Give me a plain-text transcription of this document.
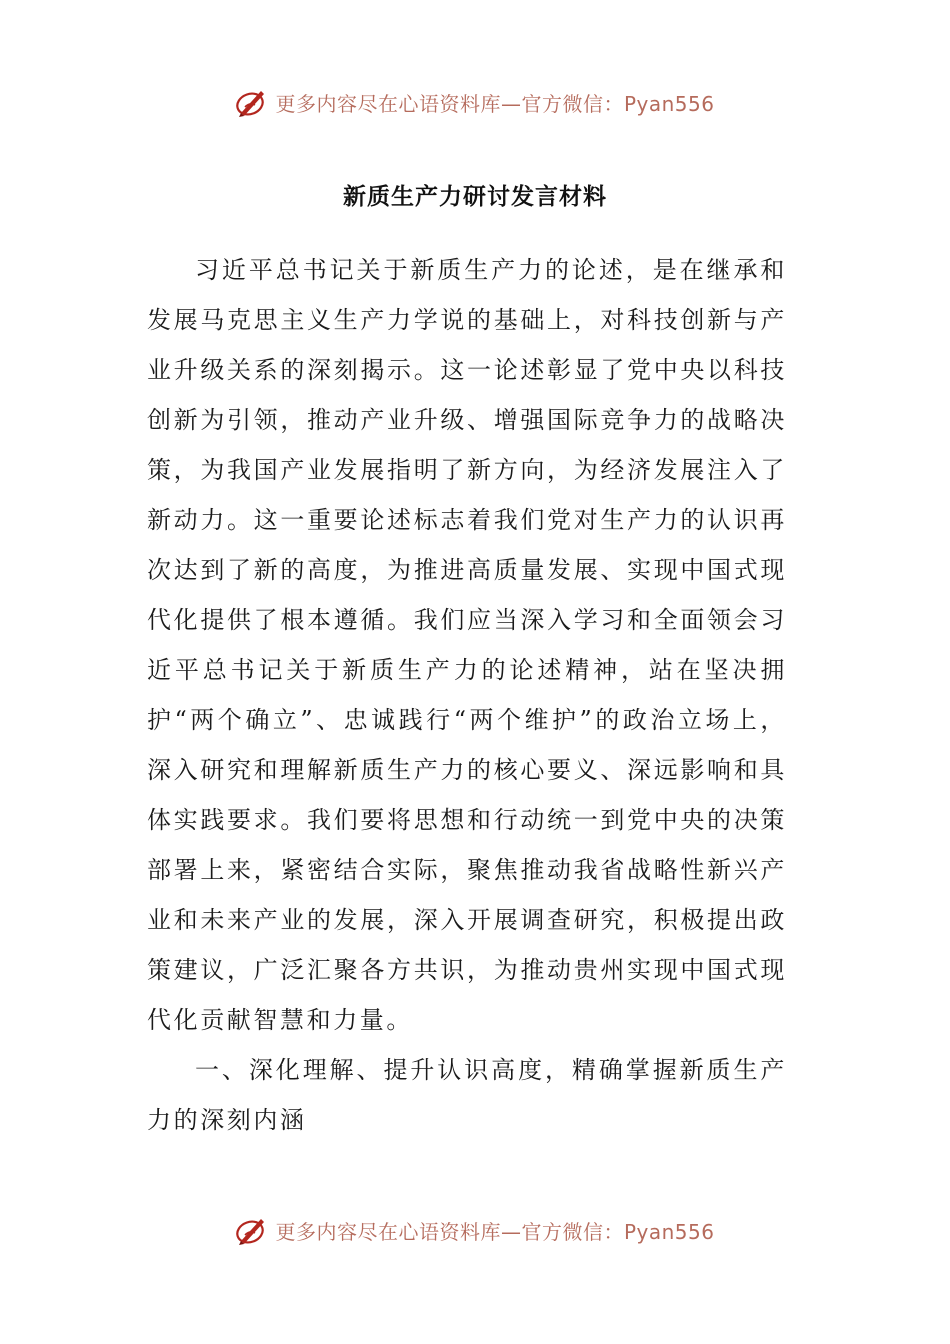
更多内容尽在心语资料库—官方微信：Pyan556
新质生产力研讨发言材料

习近平总书记关于新质生产力的论述，是在继承和发展马克思主义生产力学说的基础上，对科技创新与产业升级关系的深刻揭示。这一论述彰显了党中央以科技创新为引领，推动产业升级、增强国际竞争力的战略决策，为我国产业发展指明了新方向，为经济发展注入了新动力。这一重要论述标志着我们党对生产力的认识再次达到了新的高度，为推进高质量发展、实现中国式现代化提供了根本遵循。我们应当深入学习和全面领会习近平总书记关于新质生产力的论述精神，站在坚决拥护“两个确立”、忠诚践行“两个维护”的政治立场上，深入研究和理解新质生产力的核心要义、深远影响和具体实践要求。我们要将思想和行动统一到党中央的决策部署上来，紧密结合实际，聚焦推动我省战略性新兴产业和未来产业的发展，深入开展调查研究，积极提出政策建议，广泛汇聚各方共识，为推动贵州实现中国式现代化贡献智慧和力量。

一、深化理解、提升认识高度，精确掌握新质生产力的深刻内涵

更多内容尽在心语资料库—官方微信：Pyan556
